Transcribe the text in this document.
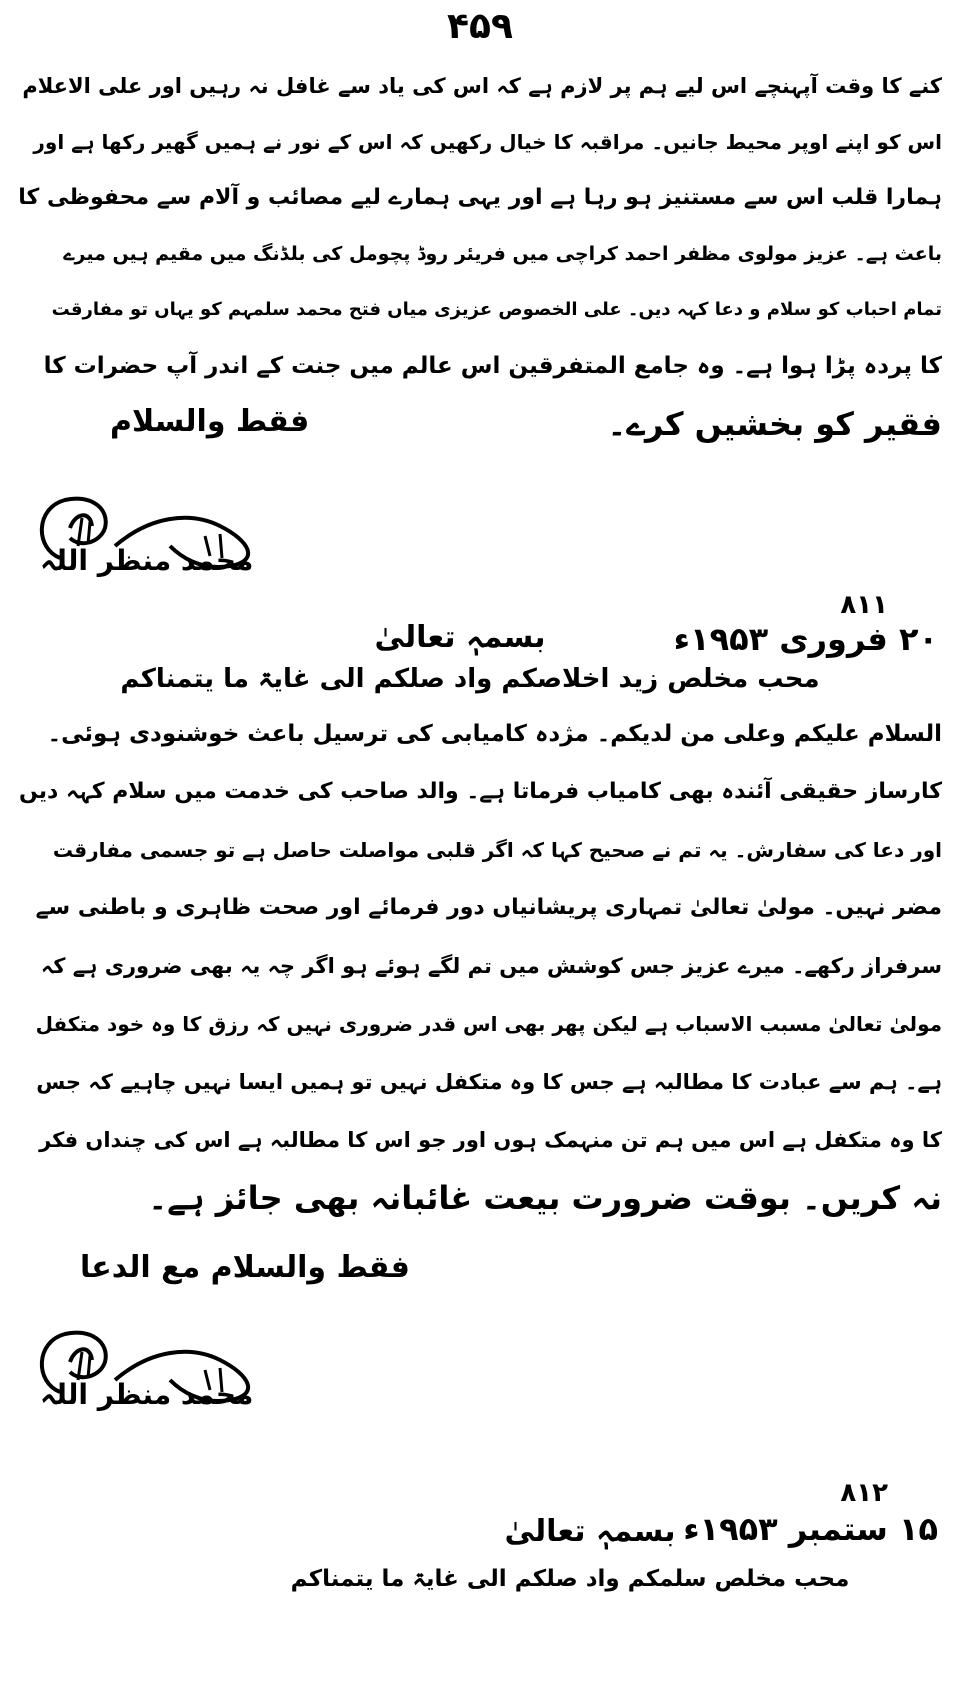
۴۵۹
کنے کا وقت آپہنچے اس لیے ہم پر لازم ہے کہ اس کی یاد سے غافل نہ رہیں اور علی الاعلام
اس کو اپنے اوپر محیط جانیں۔ مراقبہ کا خیال رکھیں کہ اس کے نور نے ہمیں گھیر رکھا ہے اور
ہمارا قلب اس سے مستنیز ہو رہا ہے اور یہی ہمارے لیے مصائب و آلام سے محفوظی کا
باعث ہے۔ عزیز مولوی مظفر احمد کراچی میں فریئر روڈ پچومل کی بلڈنگ میں مقیم ہیں میرے
تمام احباب کو سلام و دعا کہہ دیں۔ علی الخصوص عزیزی میاں فتح محمد سلمہم کو یہاں تو مفارقت
کا پردہ پڑا ہوا ہے۔ وہ جامع المتفرقین اس عالم میں جنت کے اندر آپ حضرات کا
فقیر کو بخشیں کرے۔
فقط والسلام
محمد منظر اللہ
۸۱۱
۲۰ فروری ۱۹۵۳ء
بسمہٖ تعالیٰ
محب مخلص زید اخلاصکم واد صلکم الی غایۃ ما یتمناکم
السلام علیکم وعلی من لدیکم۔ مژدہ کامیابی کی ترسیل باعث خوشنودی ہوئی۔
کارساز حقیقی آئندہ بھی کامیاب فرماتا ہے۔ والد صاحب کی خدمت میں سلام کہہ دیں
اور دعا کی سفارش۔ یہ تم نے صحیح کہا کہ اگر قلبی مواصلت حاصل ہے تو جسمی مفارقت
مضر نہیں۔ مولیٰ تعالیٰ تمہاری پریشانیاں دور فرمائے اور صحت ظاہری و باطنی سے
سرفراز رکھے۔ میرے عزیز جس کوشش میں تم لگے ہوئے ہو اگر چہ یہ بھی ضروری ہے کہ
مولیٰ تعالیٰ مسبب الاسباب ہے لیکن پھر بھی اس قدر ضروری نہیں کہ رزق کا وہ خود متکفل
ہے۔ ہم سے عبادت کا مطالبہ ہے جس کا وہ متکفل نہیں تو ہمیں ایسا نہیں چاہیے کہ جس
کا وہ متکفل ہے اس میں ہم تن منہمک ہوں اور جو اس کا مطالبہ ہے اس کی چنداں فکر
نہ کریں۔ بوقت ضرورت بیعت غائبانہ بھی جائز ہے۔
فقط والسلام مع الدعا
محمد منظر اللہ
۸۱۲
۱۵ ستمبر ۱۹۵۳ء
بسمہٖ تعالیٰ
محب مخلص سلمکم واد صلکم الی غایۃ ما یتمناکم
